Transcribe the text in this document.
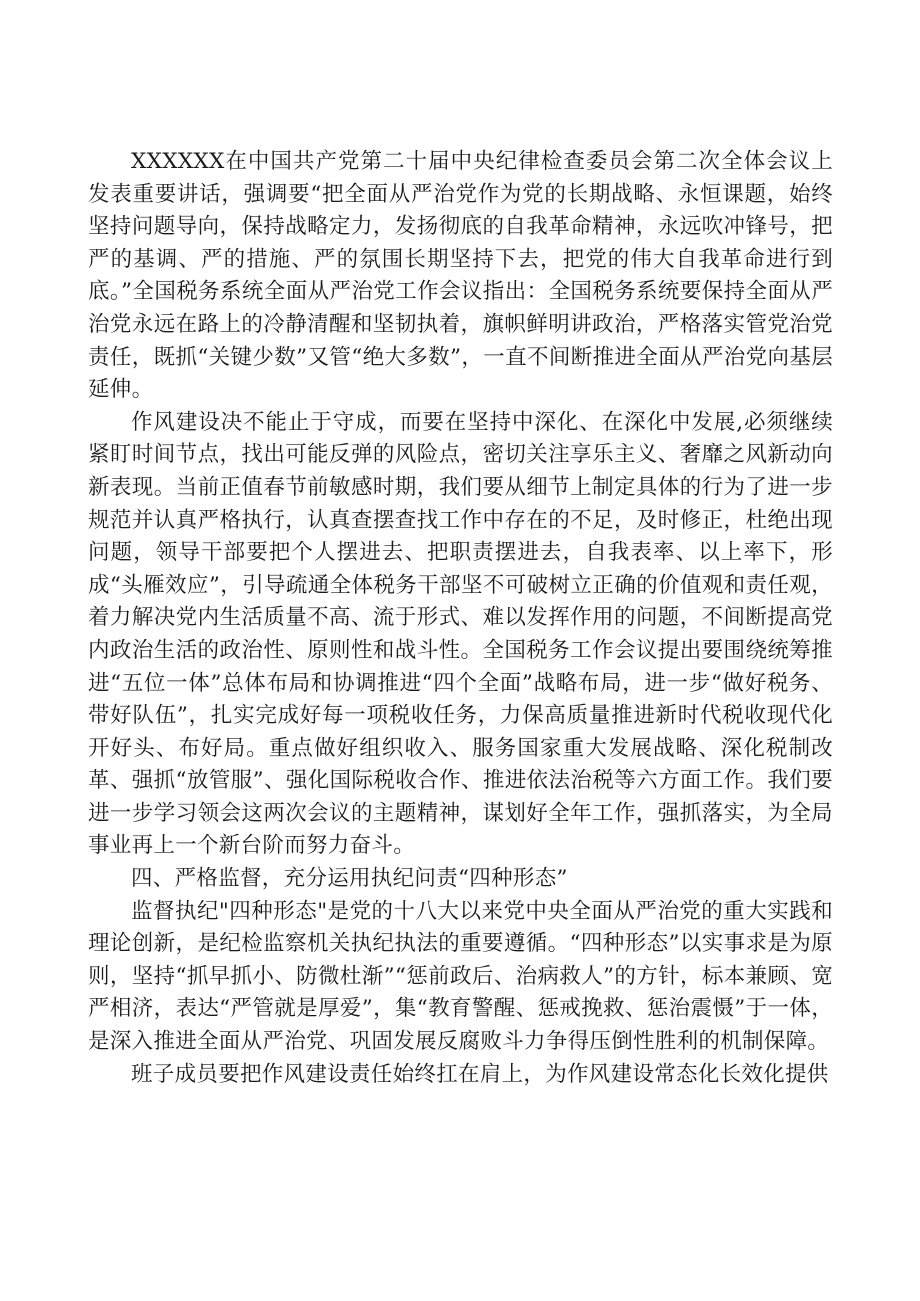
XXXXXX在中国共产党第二十届中央纪律检查委员会第二次全体会议上发表重要讲话，强调要“把全面从严治党作为党的长期战略、永恒课题，始终坚持问题导向，保持战略定力，发扬彻底的自我革命精神，永远吹冲锋号，把严的基调、严的措施、严的氛围长期坚持下去，把党的伟大自我革命进行到底。”全国税务系统全面从严治党工作会议指出：全国税务系统要保持全面从严治党永远在路上的冷静清醒和坚韧执着，旗帜鲜明讲政治，严格落实管党治党责任，既抓“关键少数”又管“绝大多数”，一直不间断推进全面从严治党向基层延伸。

作风建设决不能止于守成，而要在坚持中深化、在深化中发展,必须继续紧盯时间节点，找出可能反弹的风险点，密切关注享乐主义、奢靡之风新动向新表现。当前正值春节前敏感时期，我们要从细节上制定具体的行为了进一步规范并认真严格执行，认真查摆查找工作中存在的不足，及时修正，杜绝出现问题，领导干部要把个人摆进去、把职责摆进去，自我表率、以上率下，形成“头雁效应”，引导疏通全体税务干部坚不可破树立正确的价值观和责任观，着力解决党内生活质量不高、流于形式、难以发挥作用的问题，不间断提高党内政治生活的政治性、原则性和战斗性。全国税务工作会议提出要围绕统筹推进“五位一体”总体布局和协调推进“四个全面”战略布局，进一步“做好税务、带好队伍”，扎实完成好每一项税收任务，力保高质量推进新时代税收现代化开好头、布好局。重点做好组织收入、服务国家重大发展战略、深化税制改革、强抓“放管服”、强化国际税收合作、推进依法治税等六方面工作。我们要进一步学习领会这两次会议的主题精神，谋划好全年工作，强抓落实，为全局事业再上一个新台阶而努力奋斗。

四、严格监督，充分运用执纪问责“四种形态”

监督执纪"四种形态"是党的十八大以来党中央全面从严治党的重大实践和理论创新，是纪检监察机关执纪执法的重要遵循。“四种形态”以实事求是为原则，坚持“抓早抓小、防微杜渐”“惩前政后、治病救人”的方针，标本兼顾、宽严相济，表达“严管就是厚爱”，集“教育警醒、惩戒挽救、惩治震慑”于一体，是深入推进全面从严治党、巩固发展反腐败斗力争得压倒性胜利的机制保障。

班子成员要把作风建设责任始终扛在肩上，为作风建设常态化长效化提供
